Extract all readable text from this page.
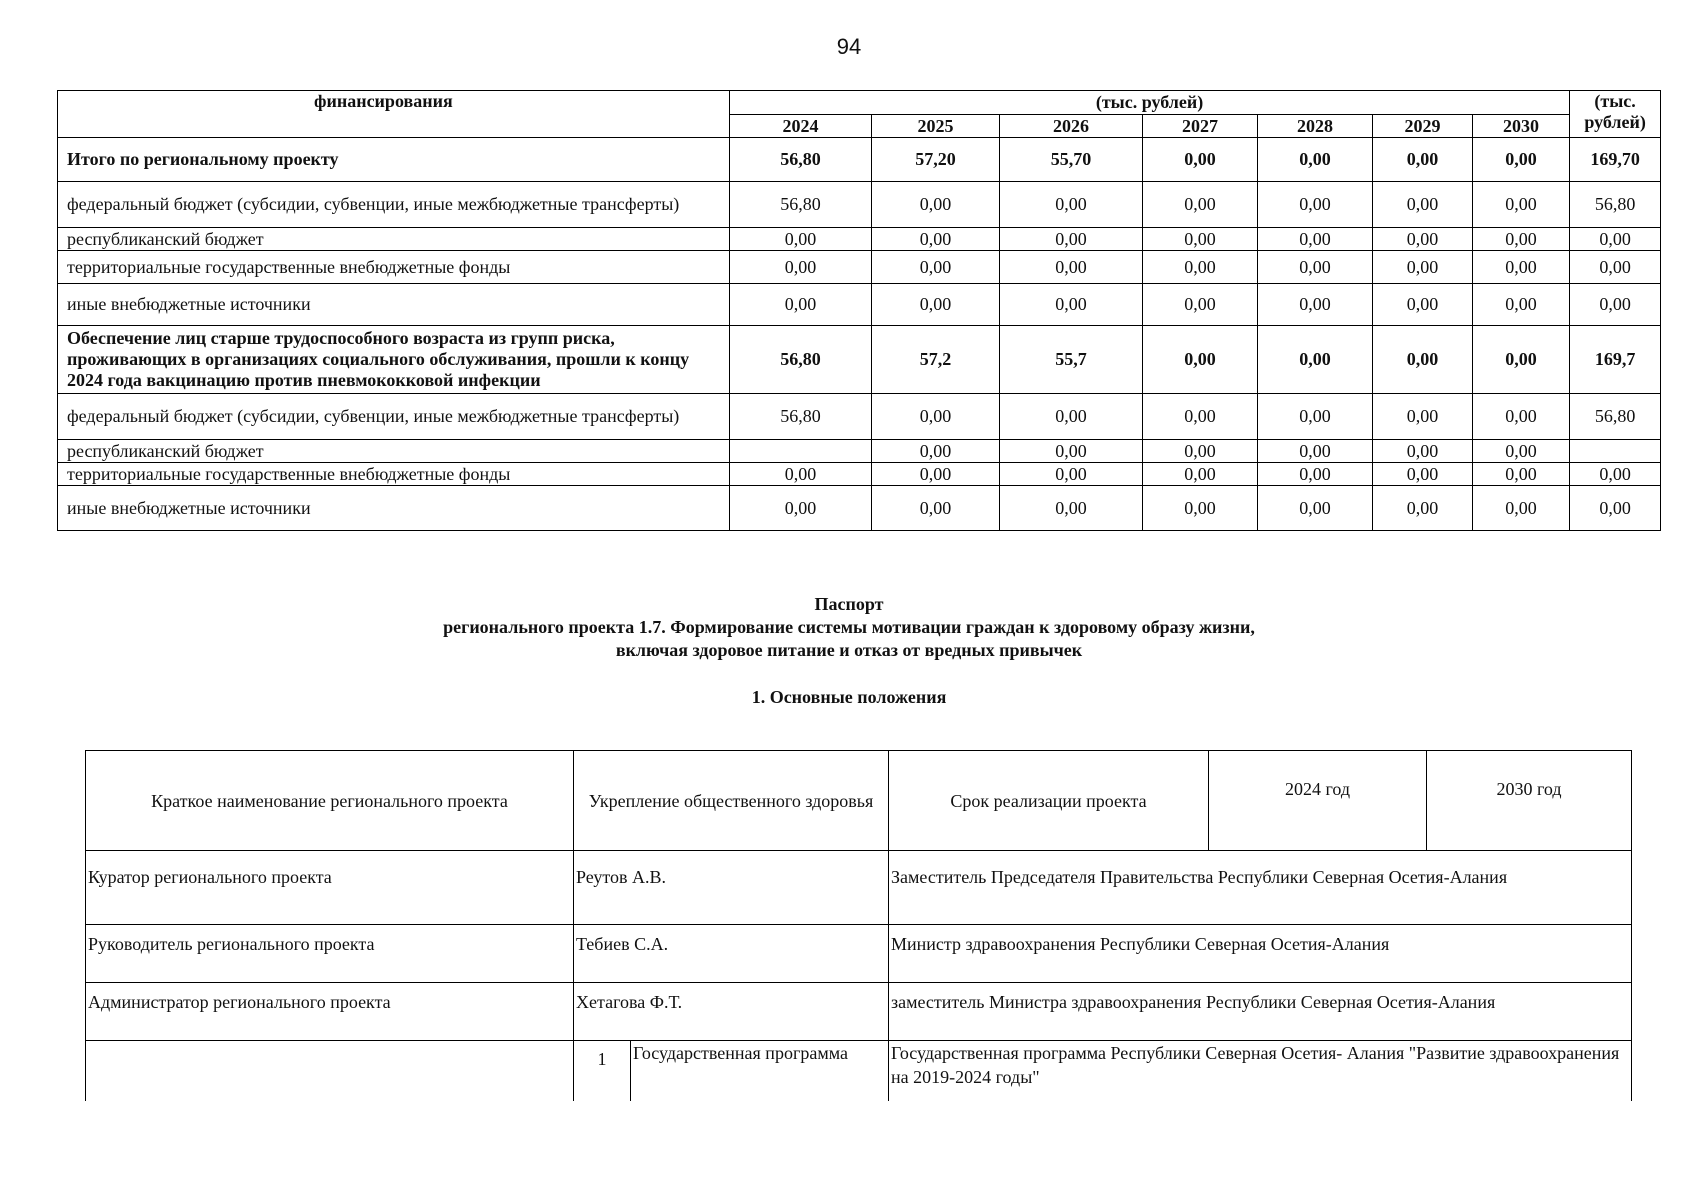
94
финансирования	(тыс. рублей)							(тыс. рублей)
	2024	2025	2026	2027	2028	2029	2030	
Итого по региональному проекту	56,80	57,20	55,70	0,00	0,00	0,00	0,00	169,70
федеральный бюджет (субсидии, субвенции, иные межбюджетные трансферты)	56,80	0,00	0,00	0,00	0,00	0,00	0,00	56,80
республиканский бюджет	0,00	0,00	0,00	0,00	0,00	0,00	0,00	0,00
территориальные государственные внебюджетные фонды	0,00	0,00	0,00	0,00	0,00	0,00	0,00	0,00
иные внебюджетные источники	0,00	0,00	0,00	0,00	0,00	0,00	0,00	0,00
Обеспечение лиц старше трудоспособного возраста из групп риска, проживающих в организациях социального обслуживания, прошли к концу 2024 года вакцинацию против пневмококковой инфекции	56,80	57,2	55,7	0,00	0,00	0,00	0,00	169,7
федеральный бюджет (субсидии, субвенции, иные межбюджетные трансферты)	56,80	0,00	0,00	0,00	0,00	0,00	0,00	56,80
республиканский бюджет		0,00	0,00	0,00	0,00	0,00	0,00	
территориальные государственные внебюджетные фонды	0,00	0,00	0,00	0,00	0,00	0,00	0,00	0,00
иные внебюджетные источники	0,00	0,00	0,00	0,00	0,00	0,00	0,00	0,00
Паспорт
регионального проекта 1.7. Формирование системы мотивации граждан к здоровому образу жизни,
включая здоровое питание и отказ от вредных привычек
1. Основные положения
Краткое наименование регионального проекта	Укрепление общественного здоровья		Срок реализации проекта	2024 год	2030 год
Куратор регионального проекта	Реутов А.В.		Заместитель Председателя Правительства Республики Северная Осетия-Алания		
Руководитель регионального проекта	Тебиев С.А.		Министр здравоохранения Республики Северная Осетия-Алания		
Администратор регионального проекта	Хетагова Ф.Т.		заместитель Министра здравоохранения Республики Северная Осетия-Алания		
	1	Государственная программа	Государственная программа Республики Северная Осетия- Алания "Развитие здравоохранения на 2019-2024 годы"		
